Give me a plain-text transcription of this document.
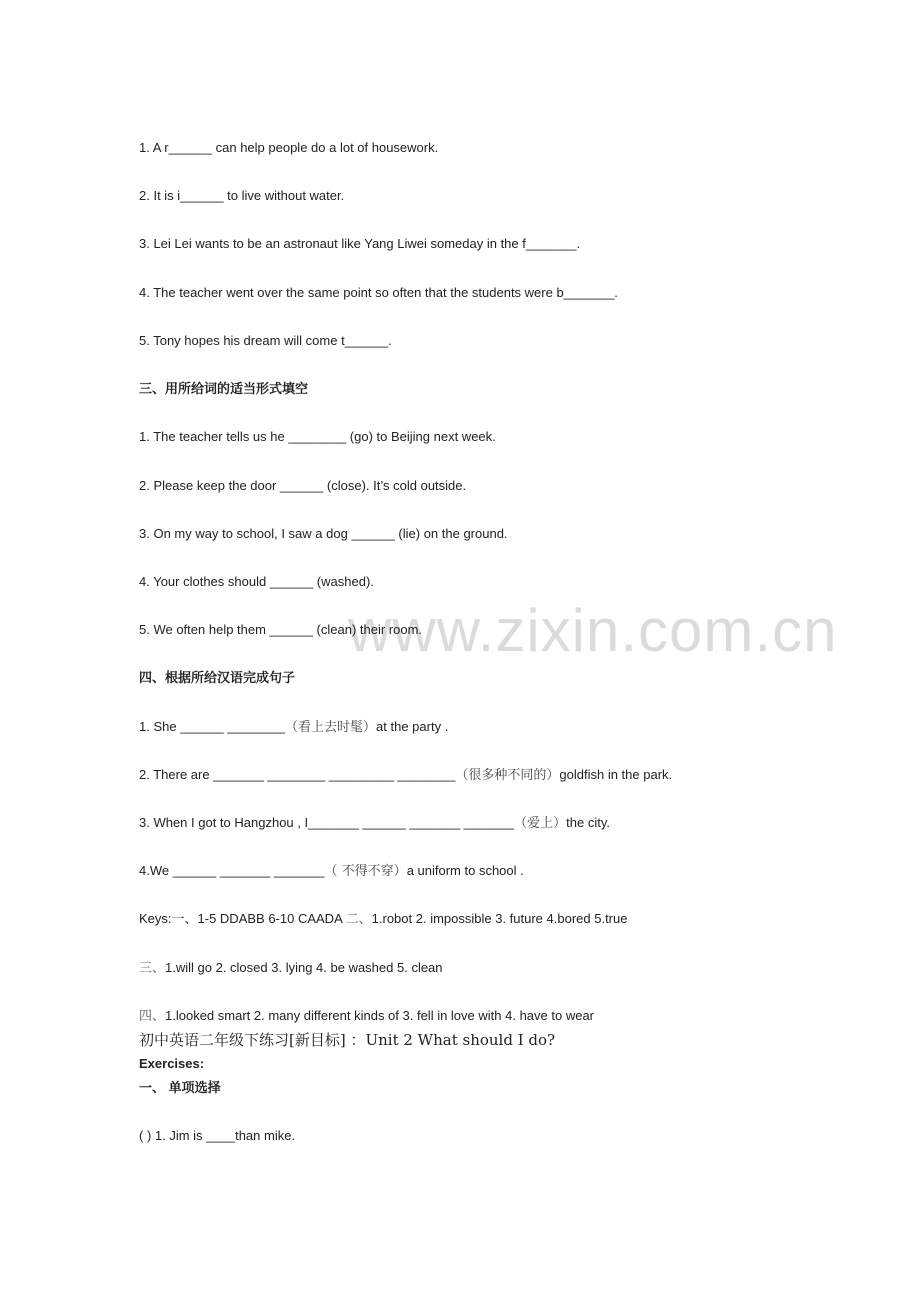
www.zixin.com.cn
1. A r______ can help people do a lot of housework.
2. It is i______ to live without water.
3. Lei Lei wants to be an astronaut like Yang Liwei someday in the f_______.
4. The teacher went over the same point so often that the students were b_______.
5. Tony hopes his dream will come t______.
三、用所给词的适当形式填空
1. The teacher tells us he ________ (go) to Beijing next week.
2. Please keep the door ______ (close). It’s cold outside.
3. On my way to school, I saw a dog ______ (lie) on the ground.
4. Your clothes should ______ (washed).
5. We often help them ______ (clean) their room.
四、根据所给汉语完成句子
1. She ______ ________（看上去时髦）at the party .
2. There are _______ ________ _________ ________（很多种不同的）goldfish in the park.
3. When I got to Hangzhou , I_______ ______ _______ _______（爱上）the city.
4.We ______ _______ _______（ 不得不穿）a uniform to school .
Keys:一、1-5 DDABB 6-10 CAADA 二、1.robot 2. impossible 3. future 4.bored 5.true
三、1.will go 2. closed 3. lying 4. be washed 5. clean
四、1.looked smart 2. many different kinds of 3. fell in love with 4. have to wear
初中英语二年级下练习[新目标] ：Unit 2 What should I do?
Exercises:
一、 单项选择
( ) 1. Jim is ____than mike.
